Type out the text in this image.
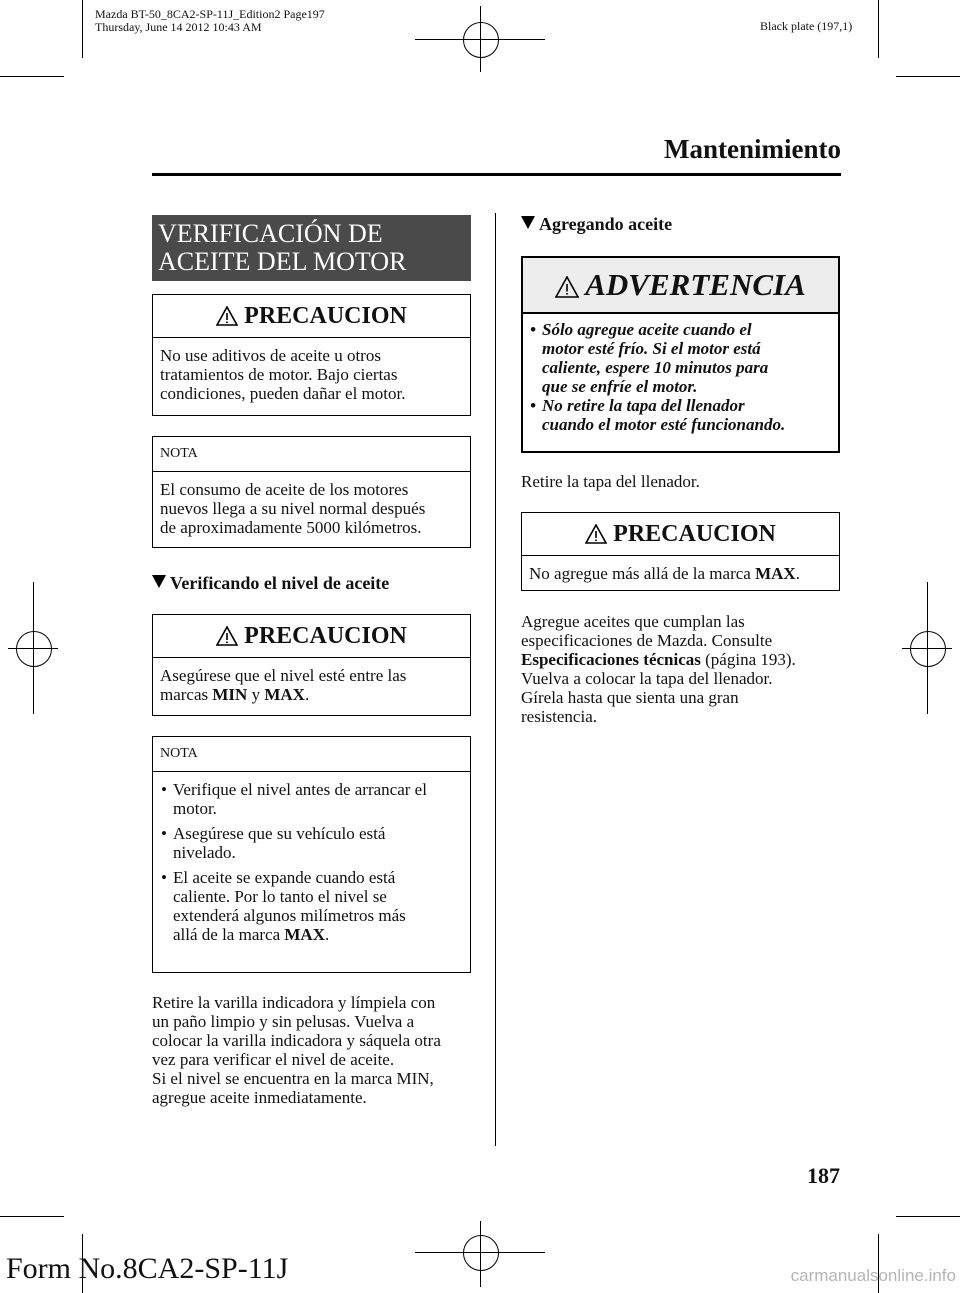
Mazda BT-50_8CA2-SP-11J_Edition2 Page197
Thursday, June 14 2012 10:43 AM	Black plate (197,1)
Mantenimiento
VERIFICACIÓN DE
ACEITE DEL MOTOR
PRECAUCION
No use aditivos de aceite u otros
tratamientos de motor. Bajo ciertas
condiciones, pueden dañar el motor.
NOTA
El consumo de aceite de los motores
nuevos llega a su nivel normal después
de aproximadamente 5000 kilómetros.
Verificando el nivel de aceite
PRECAUCION
Asegúrese que el nivel esté entre las
marcas MIN y MAX.
NOTA
• Verifique el nivel antes de arrancar el
motor.
• Asegúrese que su vehículo está
nivelado.
• El aceite se expande cuando está
caliente. Por lo tanto el nivel se
extenderá algunos milímetros más
allá de la marca MAX.
Retire la varilla indicadora y límpiela con
un paño limpio y sin pelusas. Vuelva a
colocar la varilla indicadora y sáquela otra
vez para verificar el nivel de aceite.
Si el nivel se encuentra en la marca MIN,
agregue aceite inmediatamente.
Agregando aceite
ADVERTENCIA
• Sólo agregue aceite cuando el
motor esté frío. Si el motor está
caliente, espere 10 minutos para
que se enfríe el motor.
• No retire la tapa del llenador
cuando el motor esté funcionando.
Retire la tapa del llenador.
PRECAUCION
No agregue más allá de la marca MAX.
Agregue aceites que cumplan las
especificaciones de Mazda. Consulte
Especificaciones técnicas (página 193).
Vuelva a colocar la tapa del llenador.
Gírela hasta que sienta una gran
resistencia.
187
Form No.8CA2-SP-11J	carmanualsonline.info
